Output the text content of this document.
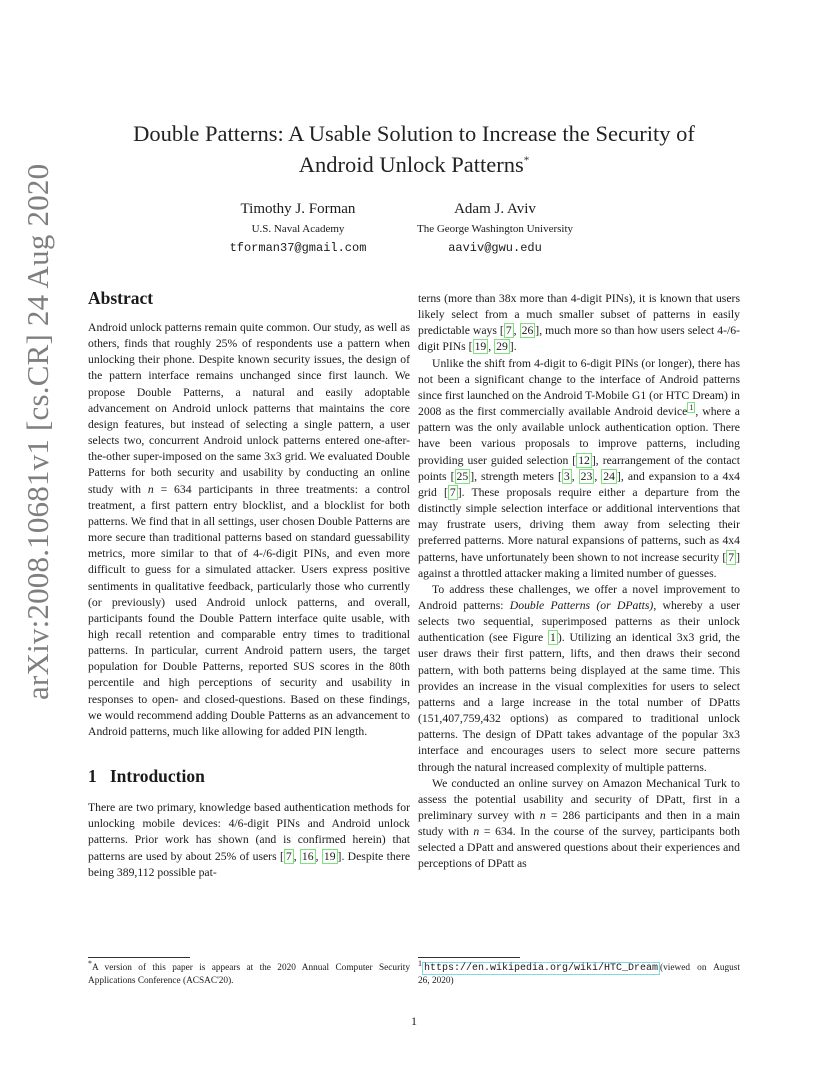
arXiv:2008.10681v1 [cs.CR] 24 Aug 2020
Double Patterns: A Usable Solution to Increase the Security of
Android Unlock Patterns*
Timothy J. Forman
U.S. Naval Academy
tforman37@gmail.com
Adam J. Aviv
The George Washington University
aaviv@gwu.edu
Abstract

Android unlock patterns remain quite common. Our study, as well as others, finds that roughly 25% of respondents use a pattern when unlocking their phone. Despite known security issues, the design of the pattern interface remains unchanged since first launch. We propose Double Patterns, a natural and easily adoptable advancement on Android unlock patterns that maintains the core design features, but instead of selecting a single pattern, a user selects two, concurrent Android unlock patterns entered one-after-the-other super-imposed on the same 3x3 grid. We evaluated Double Patterns for both security and usability by conducting an online study with n = 634 participants in three treatments: a control treatment, a first pattern entry blocklist, and a blocklist for both patterns. We find that in all settings, user chosen Double Patterns are more secure than traditional patterns based on standard guessability metrics, more similar to that of 4-/6-digit PINs, and even more difficult to guess for a simulated attacker. Users express positive sentiments in qualitative feedback, particularly those who currently (or previously) used Android unlock patterns, and overall, participants found the Double Pattern interface quite usable, with high recall retention and comparable entry times to traditional patterns. In particular, current Android pattern users, the target population for Double Patterns, reported SUS scores in the 80th percentile and high perceptions of security and usability in responses to open- and closed-questions. Based on these findings, we would recommend adding Double Patterns as an advancement to Android patterns, much like allowing for added PIN length.

1 Introduction

There are two primary, knowledge based authentication methods for unlocking mobile devices: 4/6-digit PINs and Android unlock patterns. Prior work has shown (and is confirmed herein) that patterns are used by about 25% of users [ 7 , 16 , 19 ]. Despite there being 389,112 possible pat-

terns (more than 38x more than 4-digit PINs), it is known that users likely select from a much smaller subset of patterns in easily predictable ways [ 7 , 26 ], much more so than how users select 4-/6-digit PINs [ 19 , 29 ].

Unlike the shift from 4-digit to 6-digit PINs (or longer), there has not been a significant change to the interface of Android patterns since first launched on the Android T-Mobile G1 (or HTC Dream) in 2008 as the first commercially available Android device $^1$ , where a pattern was the only available unlock authentication option. There have been various proposals to improve patterns, including providing user guided selection [ 12 ], rearrangement of the contact points [ 25 ], strength meters [ 3 , 23 , 24 ], and expansion to a 4x4 grid [ 7 ]. These proposals require either a departure from the distinctly simple selection interface or additional interventions that may frustrate users, driving them away from selecting their preferred patterns. More natural expansions of patterns, such as 4x4 patterns, have unfortunately been shown to not increase security [ 7 ] against a throttled attacker making a limited number of guesses.

To address these challenges, we offer a novel improvement to Android patterns: Double Patterns (or DPatts), whereby a user selects two sequential, superimposed patterns as their unlock authentication (see Figure 1 ). Utilizing an identical 3x3 grid, the user draws their first pattern, lifts, and then draws their second pattern, with both patterns being displayed at the same time. This provides an increase in the visual complexities for users to select patterns and a large increase in the total number of DPatts (151,407,759,432 options) as compared to traditional unlock patterns. The design of DPatt takes advantage of the popular 3x3 interface and encourages users to select more secure patterns through the natural increased complexity of multiple patterns.

We conducted an online survey on Amazon Mechanical Turk to assess the potential usability and security of DPatt, first in a preliminary survey with n = 286 participants and then in a main study with n = 634. In the course of the survey, participants both selected a DPatt and answered questions about their experiences and perceptions of DPatt as

*A version of this paper is appears at the 2020 Annual Computer Security Applications Conference (ACSAC'20).
1 https://en.wikipedia.org/wiki/HTC_Dream (viewed on August 26, 2020)
1
